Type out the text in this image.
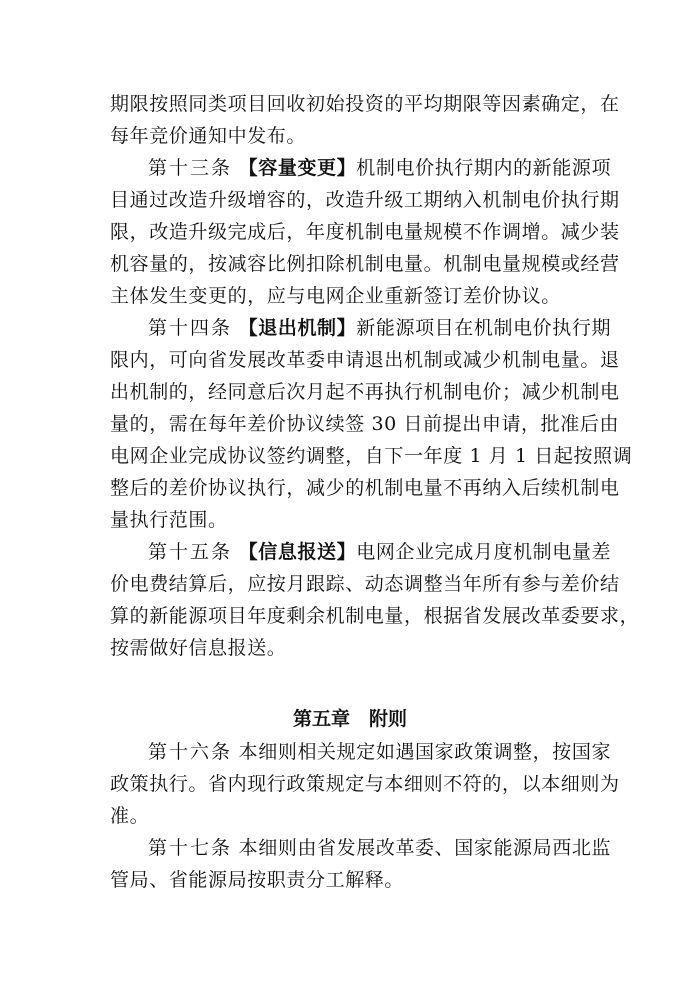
期限按照同类项目回收初始投资的平均期限等因素确定，在
每年竞价通知中发布。
第十三条 【容量变更】机制电价执行期内的新能源项
目通过改造升级增容的，改造升级工期纳入机制电价执行期
限，改造升级完成后，年度机制电量规模不作调增。减少装
机容量的，按减容比例扣除机制电量。机制电量规模或经营
主体发生变更的，应与电网企业重新签订差价协议。
第十四条 【退出机制】新能源项目在机制电价执行期
限内，可向省发展改革委申请退出机制或减少机制电量。退
出机制的，经同意后次月起不再执行机制电价；减少机制电
量的，需在每年差价协议续签 30 日前提出申请，批准后由
电网企业完成协议签约调整，自下一年度 1 月 1 日起按照调
整后的差价协议执行，减少的机制电量不再纳入后续机制电
量执行范围。
第十五条 【信息报送】电网企业完成月度机制电量差
价电费结算后，应按月跟踪、动态调整当年所有参与差价结
算的新能源项目年度剩余机制电量，根据省发展改革委要求，
按需做好信息报送。
第五章　附则
第十六条 本细则相关规定如遇国家政策调整，按国家
政策执行。省内现行政策规定与本细则不符的，以本细则为
准。
第十七条 本细则由省发展改革委、国家能源局西北监
管局、省能源局按职责分工解释。
